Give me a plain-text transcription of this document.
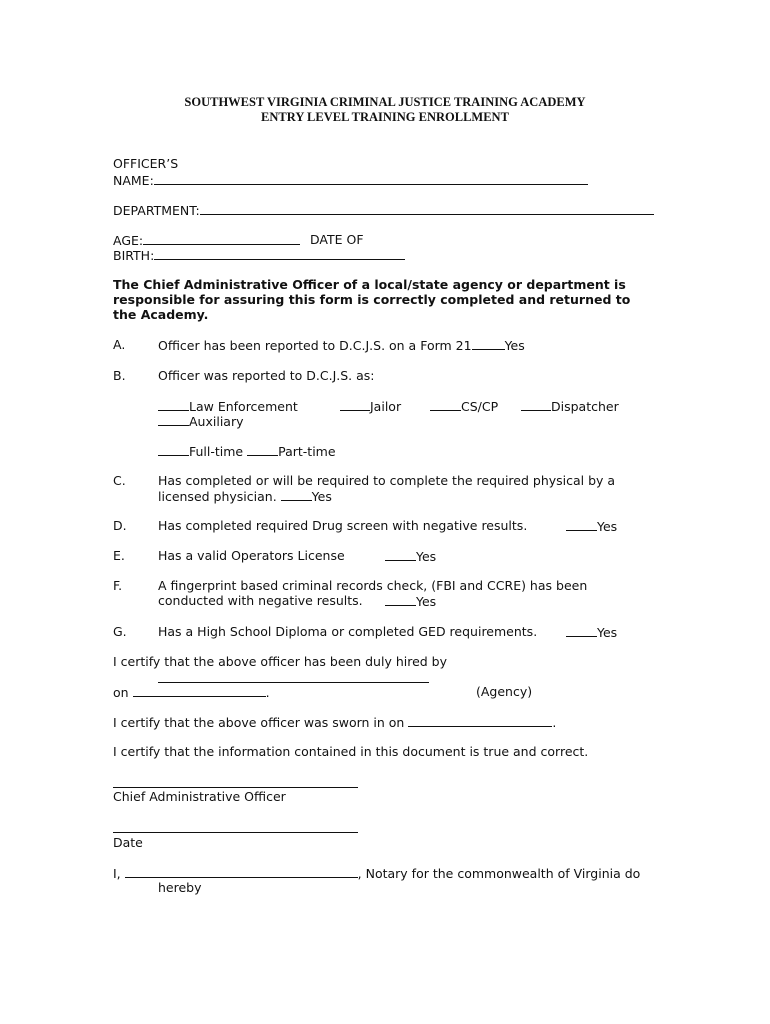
SOUTHWEST VIRGINIA CRIMINAL JUSTICE TRAINING ACADEMY
ENTRY LEVEL TRAINING ENROLLMENT
OFFICER’S
NAME:
DEPARTMENT:
AGE:	DATE OF
BIRTH:
The Chief Administrative Officer of a local/state agency or department is
responsible for assuring this form is correctly completed and returned to
the Academy.
A.	Officer has been reported to D.C.J.S. on a Form 21	Yes
B.	Officer was reported to D.C.J.S. as:
Law Enforcement	Jailor	CS/CP	Dispatcher
Auxiliary
Full-time	Part-time
C.	Has completed or will be required to complete the required physical by a
licensed physician.	Yes
D.	Has completed required Drug screen with negative results.	Yes
E.	Has a valid Operators License	Yes
F.	A fingerprint based criminal records check, (FBI and CCRE) has been
conducted with negative results.	Yes
G.	Has a High School Diploma or completed GED requirements.	Yes
I certify that the above officer has been duly hired by
on	.	(Agency)
I certify that the above officer was sworn in on	.
I certify that the information contained in this document is true and correct.
Chief Administrative Officer
Date
I,	, Notary for the commonwealth of Virginia do
hereby
